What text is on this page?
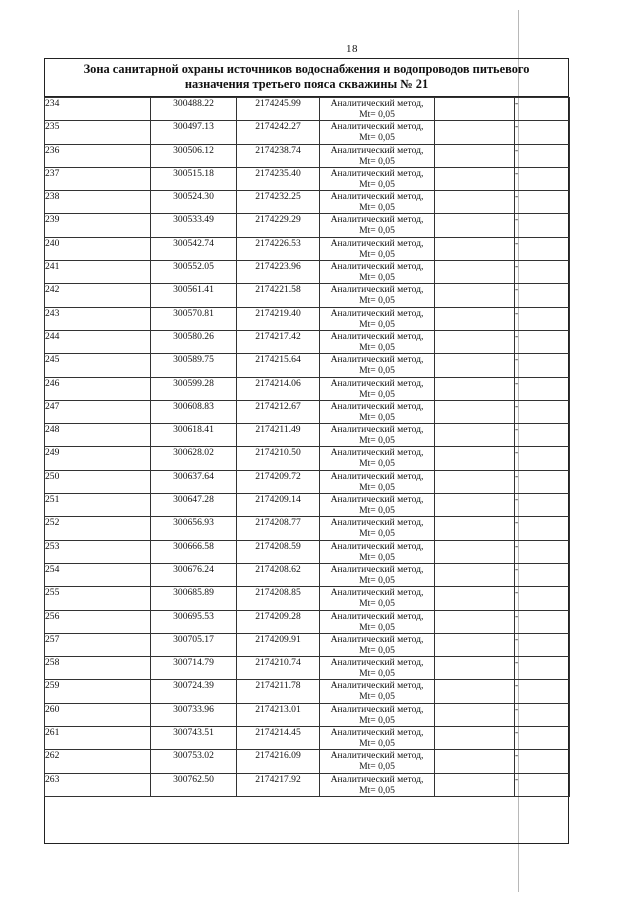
18
Зона санитарной охраны источников водоснабжения и водопроводов питьевого
назначения третьего пояса скважины № 21
234	300488.22	2174245.99	Аналитический метод,
Mt= 0,05		-
235	300497.13	2174242.27	Аналитический метод,
Mt= 0,05		-
236	300506.12	2174238.74	Аналитический метод,
Mt= 0,05		-
237	300515.18	2174235.40	Аналитический метод,
Mt= 0,05		-
238	300524.30	2174232.25	Аналитический метод,
Mt= 0,05		-
239	300533.49	2174229.29	Аналитический метод,
Mt= 0,05		-
240	300542.74	2174226.53	Аналитический метод,
Mt= 0,05		-
241	300552.05	2174223.96	Аналитический метод,
Mt= 0,05		-
242	300561.41	2174221.58	Аналитический метод,
Mt= 0,05		-
243	300570.81	2174219.40	Аналитический метод,
Mt= 0,05		-
244	300580.26	2174217.42	Аналитический метод,
Mt= 0,05		-
245	300589.75	2174215.64	Аналитический метод,
Mt= 0,05		-
246	300599.28	2174214.06	Аналитический метод,
Mt= 0,05		-
247	300608.83	2174212.67	Аналитический метод,
Mt= 0,05		-
248	300618.41	2174211.49	Аналитический метод,
Mt= 0,05		-
249	300628.02	2174210.50	Аналитический метод,
Mt= 0,05		-
250	300637.64	2174209.72	Аналитический метод,
Mt= 0,05		-
251	300647.28	2174209.14	Аналитический метод,
Mt= 0,05		-
252	300656.93	2174208.77	Аналитический метод,
Mt= 0,05		-
253	300666.58	2174208.59	Аналитический метод,
Mt= 0,05		-
254	300676.24	2174208.62	Аналитический метод,
Mt= 0,05		-
255	300685.89	2174208.85	Аналитический метод,
Mt= 0,05		-
256	300695.53	2174209.28	Аналитический метод,
Mt= 0,05		-
257	300705.17	2174209.91	Аналитический метод,
Mt= 0,05		-
258	300714.79	2174210.74	Аналитический метод,
Mt= 0,05		-
259	300724.39	2174211.78	Аналитический метод,
Mt= 0,05		-
260	300733.96	2174213.01	Аналитический метод,
Mt= 0,05		-
261	300743.51	2174214.45	Аналитический метод,
Mt= 0,05		-
262	300753.02	2174216.09	Аналитический метод,
Mt= 0,05		-
263	300762.50	2174217.92	Аналитический метод,
Mt= 0,05		-
